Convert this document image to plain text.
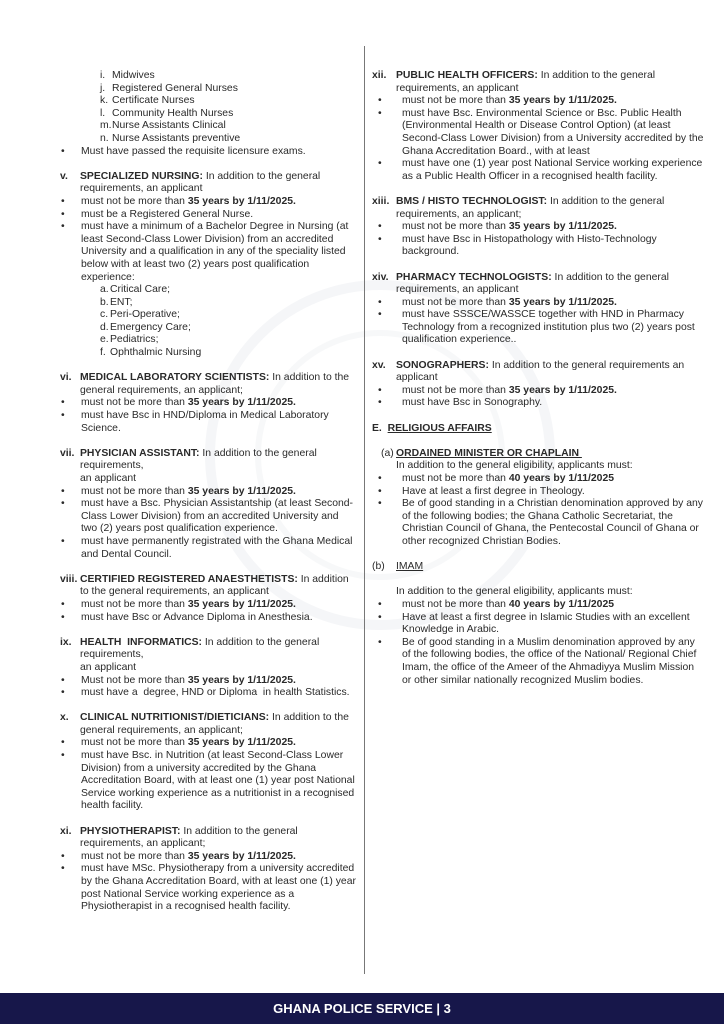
i. Midwives
j. Registered General Nurses
k. Certificate Nurses
l. Community Health Nurses
m. Nurse Assistants Clinical
n. Nurse Assistants preventive
•	Must have passed the requisite licensure exams.
v.	SPECIALIZED NURSING: In addition to the general requirements, an applicant
•	must not be more than 35 years by 1/11/2025.
•	must be a Registered General Nurse.
•	must have a minimum of a Bachelor Degree in Nursing (at least Second-Class Lower Division) from an accredited University and a qualification in any of the speciality listed below with at least two (2) years post qualification experience:
a. Critical Care;
b. ENT;
c. Peri-Operative;
d. Emergency Care;
e. Pediatrics;
f. Ophthalmic Nursing
vi. MEDICAL LABORATORY SCIENTISTS: In addition to the general requirements, an applicant;
•	must not be more than 35 years by 1/11/2025.
•	must have Bsc in HND/Diploma in Medical Laboratory Science.
vii. PHYSICIAN ASSISTANT: In addition to the general requirements,
an applicant
•	must not be more than 35 years by 1/11/2025.
•	must have a Bsc. Physician Assistantship (at least Second-Class Lower Division) from an accredited University and two (2) years post qualification experience.
•	must have permanently registrated with the Ghana Medical and Dental Council.
viii. CERTIFIED REGISTERED ANAESTHETISTS: In addition to the general requirements, an applicant
•	must not be more than 35 years by 1/11/2025.
•	must have Bsc or Advance Diploma in Anesthesia.
ix. HEALTH  INFORMATICS: In addition to the general requirements,
an applicant
•	Must not be more than 35 years by 1/11/2025.
•	must have a  degree, HND or Diploma  in health Statistics.
x.	CLINICAL NUTRITIONIST/DIETICIANS: In addition to the general requirements, an applicant;
•	must not be more than 35 years by 1/11/2025.
•	must have Bsc. in Nutrition (at least Second-Class Lower Division) from a university accredited by the Ghana Accreditation Board, with at least one (1) year post National Service working experience as a nutritionist in a recognised health facility.
xi. PHYSIOTHERAPIST: In addition to the general requirements, an applicant;
•	must not be more than 35 years by 1/11/2025.
•	must have MSc. Physiotherapy from a university accredited by the Ghana Accreditation Board, with at least one (1) year post National Service working experience as a Physiotherapist in a recognised health facility.
xii. PUBLIC HEALTH OFFICERS: In addition to the general requirements, an applicant
•	must not be more than 35 years by 1/11/2025.
•	must have Bsc. Environmental Science or Bsc. Public Health (Environmental Health or Disease Control Option) (at least Second-Class Lower Division) from a University accredited by the Ghana Accreditation Board., with at least
•	must have one (1) year post National Service working experience as a Public Health Officer in a recognised health facility.
xiii. BMS / HISTO TECHNOLOGIST: In addition to the general requirements, an applicant;
•	must not be more than 35 years by 1/11/2025.
•	must have Bsc in Histopathology with Histo-Technology background.
xiv. PHARMACY TECHNOLOGISTS: In addition to the general requirements, an applicant
•	must not be more than 35 years by 1/11/2025.
•	must have SSSCE/WASSCE together with HND in Pharmacy Technology from a recognized institution plus two (2) years post qualification experience..
xv. SONOGRAPHERS: In addition to the general requirements an applicant
•	must not be more than 35 years by 1/11/2025.
•	must have Bsc in Sonography.
E. RELIGIOUS AFFAIRS
(a) ORDAINED MINISTER OR CHAPLAIN
In addition to the general eligibility, applicants must:
•	must not be more than 40 years by 1/11/2025
•	Have at least a first degree in Theology.
•	Be of good standing in a Christian denomination approved by any of the following bodies; the Ghana Catholic Secretariat, the Christian Council of Ghana, the Pentecostal Council of Ghana or other recognized Christian Bodies.
(b)	IMAM
In addition to the general eligibility, applicants must:
•	must not be more than 40 years by 1/11/2025
•	Have at least a first degree in Islamic Studies with an excellent Knowledge in Arabic.
•	Be of good standing in a Muslim denomination approved by any of the following bodies, the office of the National/ Regional Chief Imam, the office of the Ameer of the Ahmadiyya Muslim Mission or other similar nationally recognized Muslim bodies.
GHANA POLICE SERVICE | 3
